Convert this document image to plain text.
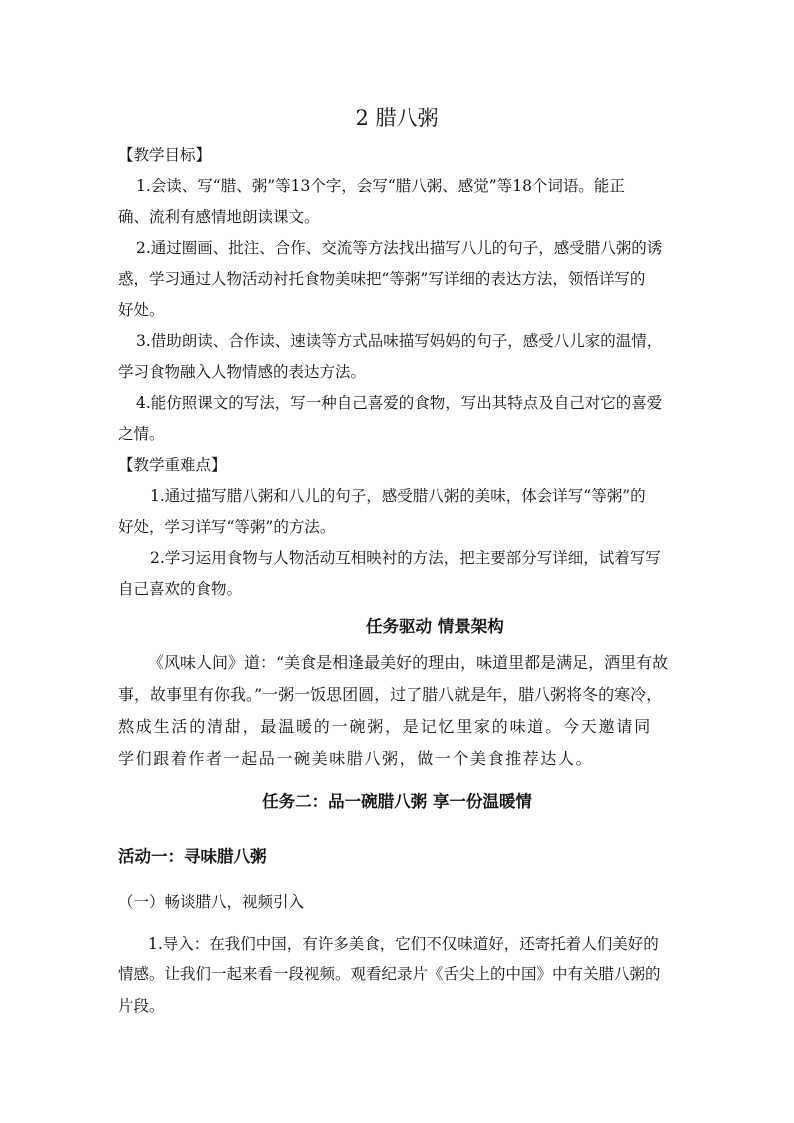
2 腊八粥
【教学目标】
1.会读、写“腊、粥”等13个字，会写“腊八粥、感觉”等18个词语。能正
确、流利有感情地朗读课文。
2.通过圈画、批注、合作、交流等方法找出描写八儿的句子，感受腊八粥的诱
惑，学习通过人物活动衬托食物美味把“等粥”写详细的表达方法，领悟详写的
好处。
3.借助朗读、合作读、速读等方式品味描写妈妈的句子，感受八儿家的温情，
学习食物融入人物情感的表达方法。
4.能仿照课文的写法，写一种自己喜爱的食物，写出其特点及自己对它的喜爱
之情。
【教学重难点】
1.通过描写腊八粥和八儿的句子，感受腊八粥的美味，体会详写“等粥”的
好处，学习详写“等粥”的方法。
2.学习运用食物与人物活动互相映衬的方法，把主要部分写详细，试着写写
自己喜欢的食物。
任务驱动 情景架构
《风味人间》道：“美食是相逢最美好的理由，味道里都是满足，酒里有故
事，故事里有你我。”一粥一饭思团圆，过了腊八就是年，腊八粥将冬的寒冷，
熬成生活的清甜，最温暖的一碗粥，是记忆里家的味道。今天邀请同
学们跟着作者一起品一碗美味腊八粥，做一个美食推荐达人。
任务二：品一碗腊八粥 享一份温暖情
活动一：寻味腊八粥
（一）畅谈腊八，视频引入
1.导入：在我们中国，有许多美食，它们不仅味道好，还寄托着人们美好的
情感。让我们一起来看一段视频。观看纪录片《舌尖上的中国》中有关腊八粥的
片段。
